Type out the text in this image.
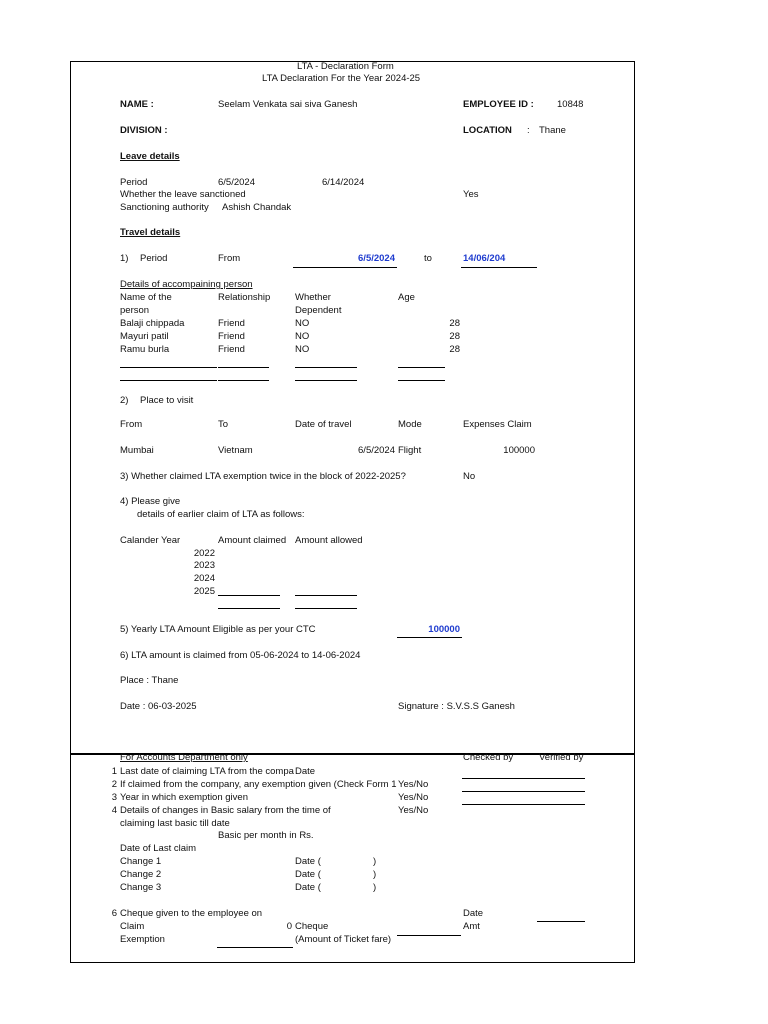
LTA - Declaration Form
LTA Declaration For the Year 2024-25
NAME :	Seelam Venkata sai siva Ganesh	EMPLOYEE ID : 10848
DIVISION :	LOCATION : Thane
Leave details
Period	6/5/2024	6/14/2024
Whether the leave sanctioned	Yes
Sanctioning authority Ashish Chandak
Travel details
1) Period	From	6/5/2024	to	14/06/204
Details of accompaining person
Name of the
person
Relationship	Whether
Dependent
Age
Balaji chippada	Friend	NO	28
Mayuri patil	Friend	NO	28
Ramu burla	Friend	NO	28
2) Place to visit
From	To	Date of travel	Mode	Expenses Claim
Mumbai	Vietnam	6/5/2024 Flight	100000
3) Whether claimed LTA exemption twice in the block of 2022-2025?	No
4) Please give
details of earlier claim of LTA as follows:
Calander Year	Amount claimed Amount allowed
2022
2023
2024
2025
5) Yearly LTA Amount Eligible as per your CTC	100000
6) LTA amount is claimed from 05-06-2024 to 14-06-2024
Place : Thane
Date : 06-03-2025	Signature : S.V.S.S Ganesh
For Accounts Department only	Checked by	Verified by
1 Last date of claiming LTA from the compa Date
2 If claimed from the company, any exemption given (Check Form 1 Yes/No
3 Year in which exemption given	Yes/No
4 Details of changes in Basic salary from the time of	Yes/No
claiming last basic till date
Basic per month in Rs.
Date of Last claim
Change 1	Date (	)
Change 2	Date (	)
Change 3	Date (	)
6 Cheque given to the employee on	Date
Claim	0 Cheque	Amt
Exemption	(Amount of Ticket fare)
